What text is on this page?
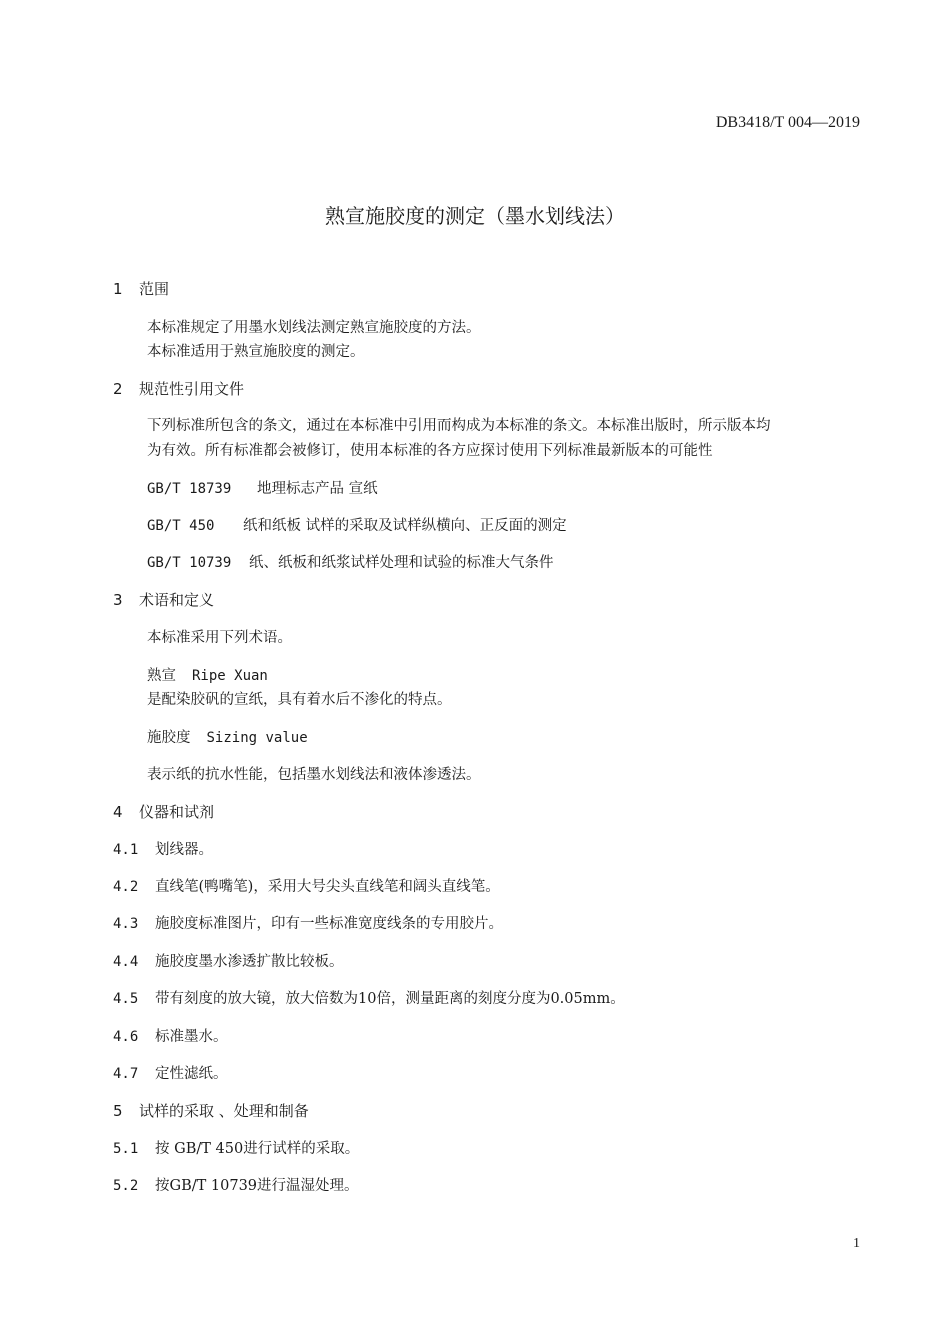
DB3418/T 004—2019
熟宣施胶度的测定（墨水划线法）
1 范围
本标准规定了用墨水划线法测定熟宣施胶度的方法。
本标准适用于熟宣施胶度的测定。
2 规范性引用文件
下列标准所包含的条文，通过在本标准中引用而构成为本标准的条文。本标准出版时，所示版本均
为有效。所有标准都会被修订，使用本标准的各方应探讨使用下列标准最新版本的可能性
GB/T 18739 地理标志产品 宣纸
GB/T 450 纸和纸板 试样的采取及试样纵横向、正反面的测定
GB/T 10739 纸、纸板和纸浆试样处理和试验的标准大气条件
3 术语和定义
本标准采用下列术语。
熟宣 Ripe Xuan
是配染胶矾的宣纸，具有着水后不渗化的特点。
施胶度 Sizing value
表示纸的抗水性能，包括墨水划线法和液体渗透法。
4 仪器和试剂
4.1 划线器。
4.2 直线笔(鸭嘴笔)，采用大号尖头直线笔和阔头直线笔。
4.3 施胶度标准图片，印有一些标准宽度线条的专用胶片。
4.4 施胶度墨水渗透扩散比较板。
4.5 带有刻度的放大镜，放大倍数为10倍，测量距离的刻度分度为0.05mm。
4.6 标准墨水。
4.7 定性滤纸。
5 试样的采取 、处理和制备
5.1 按 GB/T 450进行试样的采取。
5.2 按GB/T 10739进行温湿处理。
1
